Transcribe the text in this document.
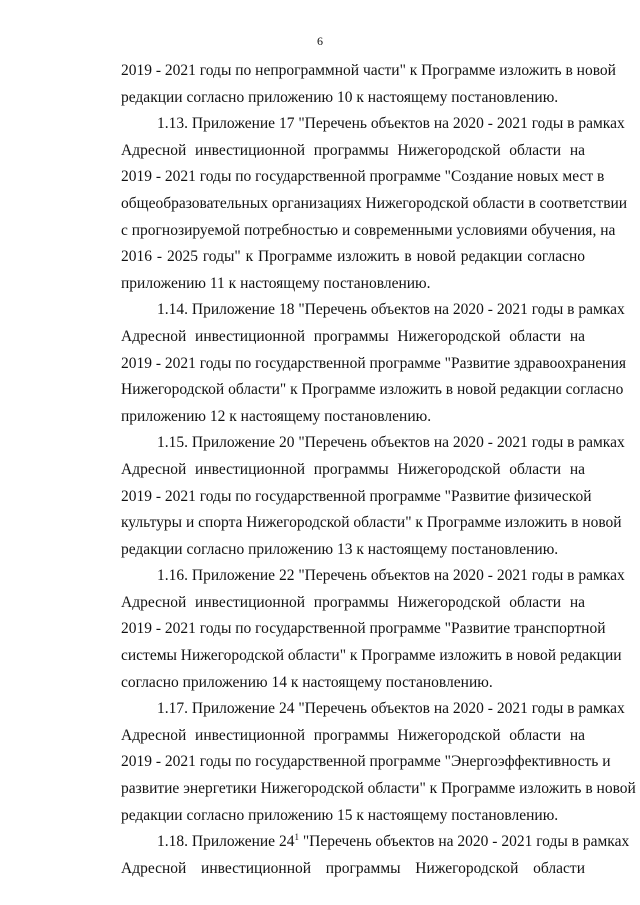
6
2019 - 2021 годы по непрограммной части" к Программе изложить в новой
редакции согласно приложению 10 к настоящему постановлению.
1.13. Приложение 17 "Перечень объектов на 2020 - 2021 годы в рамках
Адресной инвестиционной программы Нижегородской области на
2019 - 2021 годы по государственной программе "Создание новых мест в
общеобразовательных организациях Нижегородской области в соответствии
с прогнозируемой потребностью и современными условиями обучения, на
2016 - 2025 годы" к Программе изложить в новой редакции согласно
приложению 11 к настоящему постановлению.
1.14. Приложение 18 "Перечень объектов на 2020 - 2021 годы в рамках
Адресной инвестиционной программы Нижегородской области на
2019 - 2021 годы по государственной программе "Развитие здравоохранения
Нижегородской области" к Программе изложить в новой редакции согласно
приложению 12 к настоящему постановлению.
1.15. Приложение 20 "Перечень объектов на 2020 - 2021 годы в рамках
Адресной инвестиционной программы Нижегородской области на
2019 - 2021 годы по государственной программе "Развитие физической
культуры и спорта Нижегородской области" к Программе изложить в новой
редакции согласно приложению 13 к настоящему постановлению.
1.16. Приложение 22 "Перечень объектов на 2020 - 2021 годы в рамках
Адресной инвестиционной программы Нижегородской области на
2019 - 2021 годы по государственной программе "Развитие транспортной
системы Нижегородской области" к Программе изложить в новой редакции
согласно приложению 14 к настоящему постановлению.
1.17. Приложение 24 "Перечень объектов на 2020 - 2021 годы в рамках
Адресной инвестиционной программы Нижегородской области на
2019 - 2021 годы по государственной программе "Энергоэффективность и
развитие энергетики Нижегородской области" к Программе изложить в новой
редакции согласно приложению 15 к настоящему постановлению.
1.18. Приложение $24^1$ "Перечень объектов на 2020 - 2021 годы в рамках
Адресной инвестиционной программы Нижегородской области
